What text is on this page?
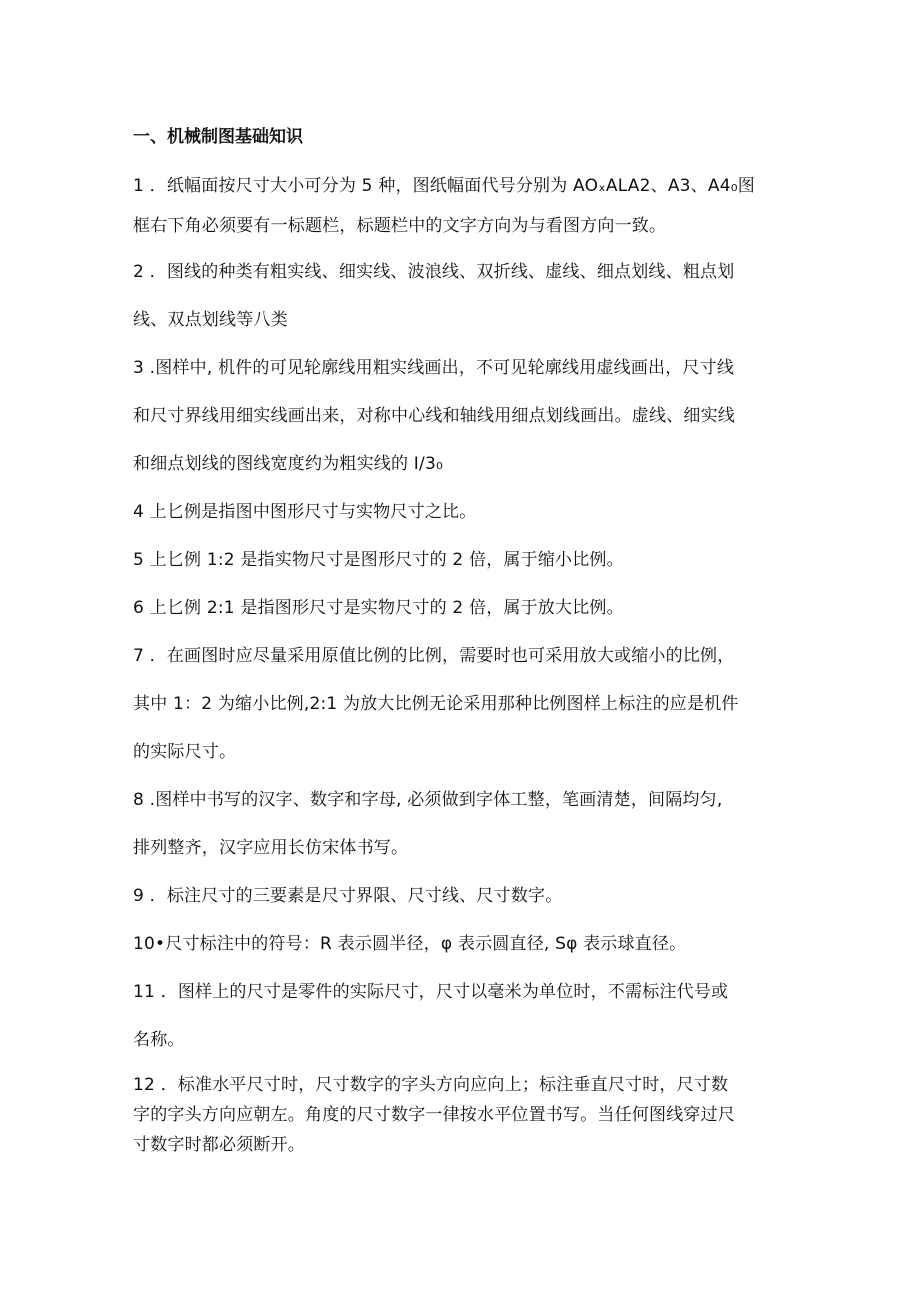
一、机械制图基础知识
1 ．纸幅面按尺寸大小可分为 5 种，图纸幅面代号分别为 AOₓALA2、A3、A4₀图
框右下角必须要有一标题栏，标题栏中的文字方向为与看图方向一致。
2 ．图线的种类有粗实线、细实线、波浪线、双折线、虚线、细点划线、粗点划
线、双点划线等八类
3 .图样中, 机件的可见轮廓线用粗实线画出，不可见轮廓线用虚线画出，尺寸线
和尺寸界线用细实线画出来，对称中心线和轴线用细点划线画出。虚线、细实线
和细点划线的图线宽度约为粗实线的 I/3₀
4 上匕例是指图中图形尺寸与实物尺寸之比。
5 上匕例 1:2 是指实物尺寸是图形尺寸的 2 倍，属于缩小比例。
6 上匕例 2:1 是指图形尺寸是实物尺寸的 2 倍，属于放大比例。
7 ．在画图时应尽量采用原值比例的比例，需要时也可采用放大或缩小的比例，
其中 1：2 为缩小比例,2:1 为放大比例无论采用那种比例图样上标注的应是机件
的实际尺寸。
8 .图样中书写的汉字、数字和字母, 必须做到字体工整，笔画清楚，间隔均匀,
排列整齐，汉字应用长仿宋体书写。
9 ．标注尺寸的三要素是尺寸界限、尺寸线、尺寸数字。
10•尺寸标注中的符号：R 表示圆半径，φ 表示圆直径, Sφ 表示球直径。
11 ．图样上的尺寸是零件的实际尺寸，尺寸以毫米为单位时，不需标注代号或
名称。
12 ．标准水平尺寸时，尺寸数字的字头方向应向上；标注垂直尺寸时，尺寸数
字的字头方向应朝左。角度的尺寸数字一律按水平位置书写。当任何图线穿过尺
寸数字时都必须断开。
